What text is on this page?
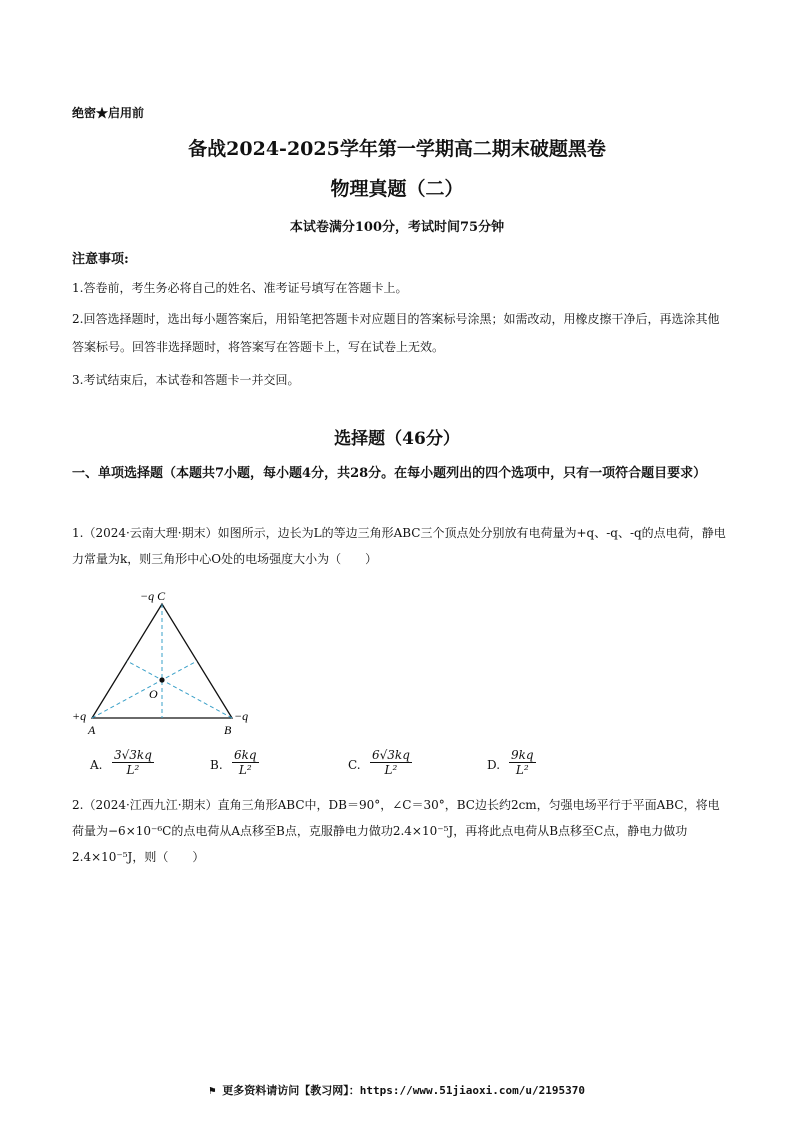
绝密★启用前
备战2024-2025学年第一学期高二期末破题黑卷
物理真题（二）
本试卷满分100分，考试时间75分钟
注意事项:
1.答卷前，考生务必将自己的姓名、准考证号填写在答题卡上。
2.回答选择题时，选出每小题答案后，用铅笔把答题卡对应题目的答案标号涂黑；如需改动，用橡皮擦干净后，再选涂其他答案标号。回答非选择题时，将答案写在答题卡上，写在试卷上无效。
3.考试结束后，本试卷和答题卡一并交回。
选择题（46分）
一、单项选择题（本题共7小题，每小题4分，共28分。在每小题列出的四个选项中，只有一项符合题目要求）
1.（2024·云南大理·期末）如图所示，边长为L的等边三角形ABC三个顶点处分别放有电荷量为+q、-q、-q的点电荷，静电力常量为k，则三角形中心O处的电场强度大小为（　　）
−q C
O
+q
A
−q
B
A. $\frac{3√3kq}{\text{L²}}$	B. $\frac{6kq}{\text{L²}}$	C. $\frac{6√3kq}{\text{L²}}$	D. $\frac{9kq}{\text{L²}}$
2.（2024·江西九江·期末）直角三角形ABC中，DB＝90°，∠C＝30°，BC边长约2cm，匀强电场平行于平面ABC，将电荷量为−6×10⁻⁶C的点电荷从A点移至B点，克服静电力做功2.4×10⁻⁵J，再将此点电荷从B点移至C点，静电力做功2.4×10⁻⁵J，则（　　）
⚑ 更多资料请访问【教习网】：https://www.51jiaoxi.com/u/2195370
